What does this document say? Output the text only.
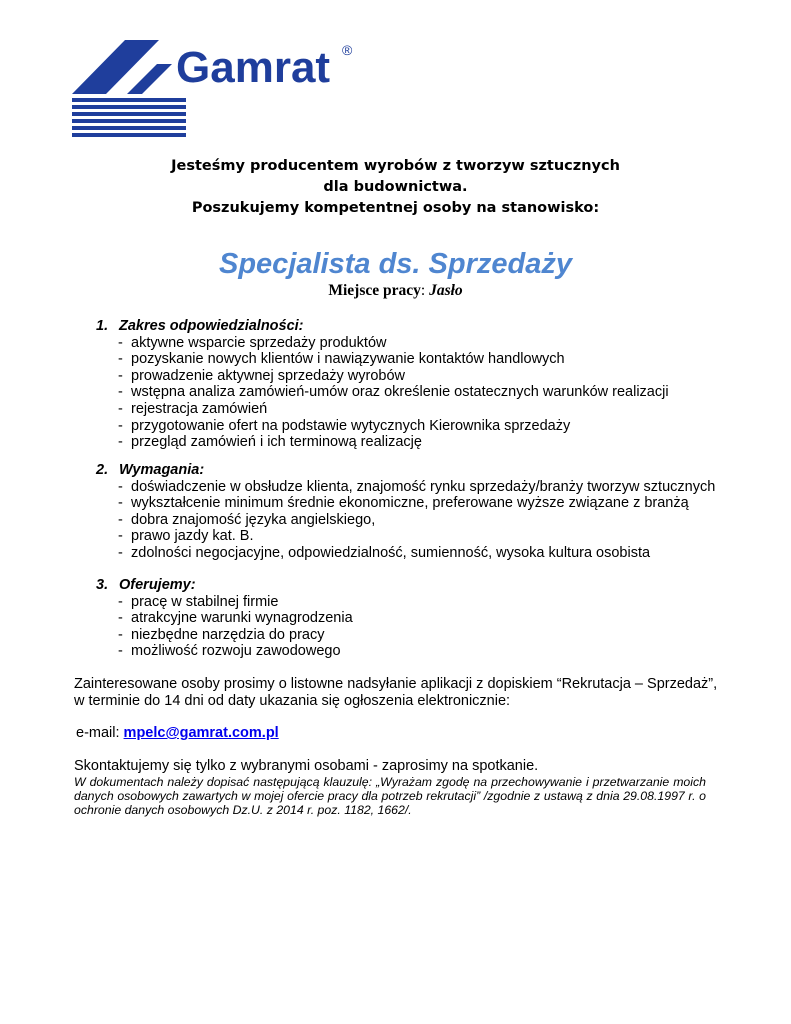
Gamrat ®
Jesteśmy producentem wyrobów z tworzyw sztucznych
dla budownictwa.
Poszukujemy kompetentnej osoby na stanowisko:
Specjalista ds. Sprzedaży
Miejsce pracy: Jasło
1. Zakres odpowiedzialności:
- aktywne wsparcie sprzedaży produktów
- pozyskanie nowych klientów i nawiązywanie kontaktów handlowych
- prowadzenie aktywnej sprzedaży wyrobów
- wstępna analiza zamówień-umów oraz określenie ostatecznych warunków realizacji
- rejestracja zamówień
- przygotowanie ofert na podstawie wytycznych Kierownika sprzedaży
- przegląd zamówień i ich terminową realizację
2. Wymagania:
- doświadczenie w obsłudze klienta, znajomość rynku sprzedaży/branży tworzyw sztucznych
- wykształcenie minimum średnie ekonomiczne, preferowane wyższe związane z branżą
- dobra znajomość języka angielskiego,
- prawo jazdy kat. B.
- zdolności negocjacyjne, odpowiedzialność, sumienność, wysoka kultura osobista
3. Oferujemy:
- pracę w stabilnej firmie
- atrakcyjne warunki wynagrodzenia
- niezbędne narzędzia do pracy
- możliwość rozwoju zawodowego
Zainteresowane osoby prosimy o listowne nadsyłanie aplikacji z dopiskiem “Rekrutacja – Sprzedaż”,
w terminie do 14 dni od daty ukazania się ogłoszenia elektronicznie:
e-mail: mpelc@gamrat.com.pl
Skontaktujemy się tylko z wybranymi osobami - zaprosimy na spotkanie.
W dokumentach należy dopisać następującą klauzulę: „Wyrażam zgodę na przechowywanie i przetwarzanie moich danych osobowych zawartych w mojej ofercie pracy dla potrzeb rekrutacji” /zgodnie z ustawą z dnia 29.08.1997 r. o ochronie danych osobowych Dz.U. z 2014 r. poz. 1182, 1662/.
